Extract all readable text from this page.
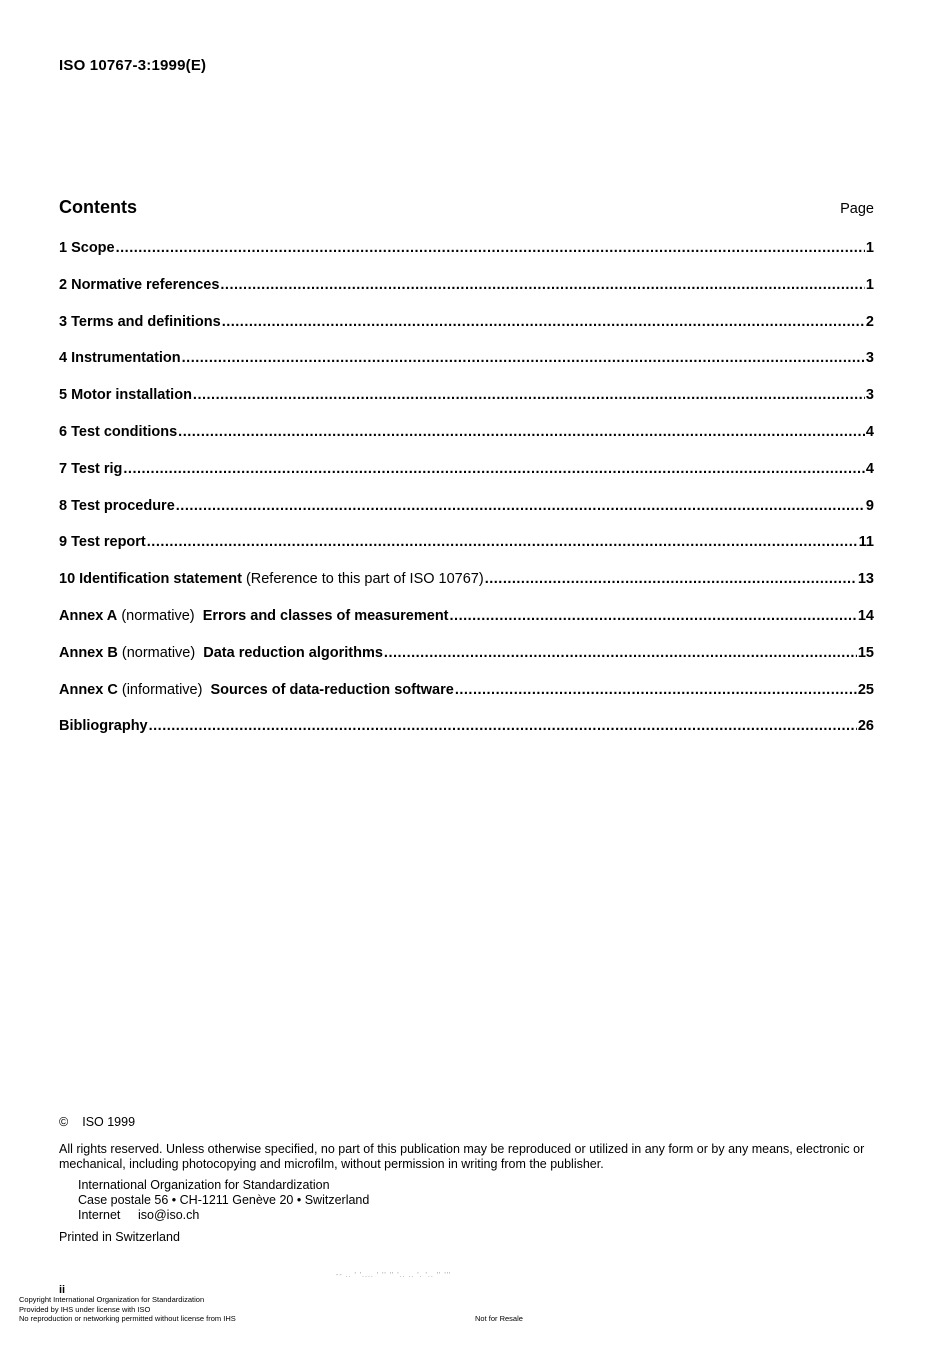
ISO 10767-3:1999(E)
Contents	Page
1 Scope .....	1
2 Normative references .....	1
3 Terms and definitions .....	2
4 Instrumentation .....	3
5 Motor installation .....	3
6 Test conditions .....	4
7 Test rig .....	4
8 Test procedure .....	9
9 Test report .....	11
10 Identification statement (Reference to this part of ISO 10767) .....	13
Annex A (normative) Errors and classes of measurement .....	14
Annex B (normative) Data reduction algorithms .....	15
Annex C (informative) Sources of data-reduction software .....	25
Bibliography .....	26
© ISO 1999
All rights reserved. Unless otherwise specified, no part of this publication may be reproduced or utilized in any form or by any means, electronic or mechanical, including photocopying and microfilm, without permission in writing from the publisher.
International Organization for Standardization
Case postale 56 • CH-1211 Genève 20 • Switzerland
Internet iso@iso.ch
Printed in Switzerland
-- .. ' '.... ' '' '' '.. .. '. '.. '' '''
ii
Copyright International Organization for Standardization
Provided by IHS under license with ISO
No reproduction or networking permitted without license from IHS	Not for Resale
